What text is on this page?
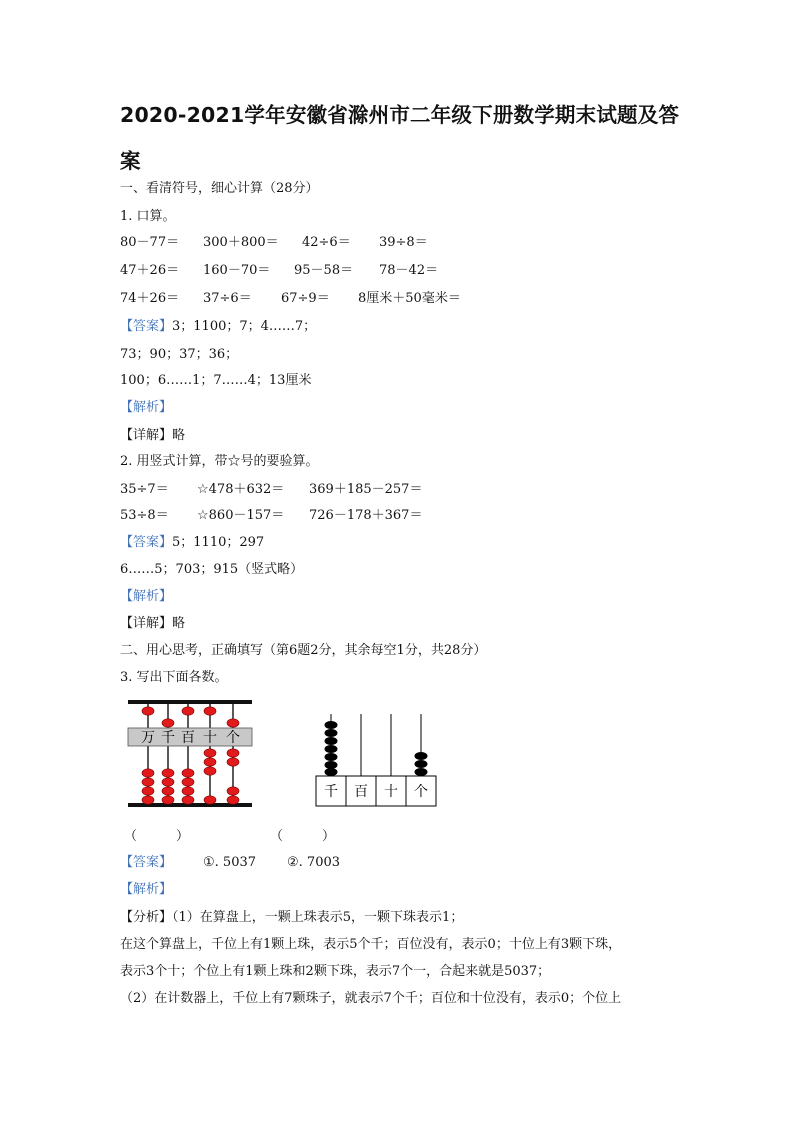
2020-2021学年安徽省滁州市二年级下册数学期末试题及答案
一、看清符号，细心计算（28分）
1. 口算。
80－77＝ 300＋800＝ 42÷6＝ 39÷8＝
47＋26＝ 160－70＝ 95－58＝ 78－42＝
74＋26＝ 37÷6＝ 67÷9＝ 8厘米＋50毫米＝
【答案】3；1100；7；4……7；
73；90；37；36；
100；6……1；7……4；13厘米
【解析】
【详解】略
2. 用竖式计算，带☆号的要验算。
35÷7＝ ☆478＋632＝ 369＋185－257＝
53÷8＝ ☆860－157＝ 726－178＋367＝
【答案】5；1110；297
6……5；703；915（竖式略）
【解析】
【详解】略
二、用心思考，正确填写（第6题2分，其余每空1分，共28分）
3. 写出下面各数。
万 千 百 十 个
千 百 十 个
（　　　）	（　　　）
【答案】 ①. 5037 ②. 7003
【解析】
【分析】（1）在算盘上，一颗上珠表示5，一颗下珠表示1；
在这个算盘上，千位上有1颗上珠，表示5个千；百位没有，表示0；十位上有3颗下珠，
表示3个十；个位上有1颗上珠和2颗下珠，表示7个一，合起来就是5037；
（2）在计数器上，千位上有7颗珠子，就表示7个千；百位和十位没有，表示0；个位上
